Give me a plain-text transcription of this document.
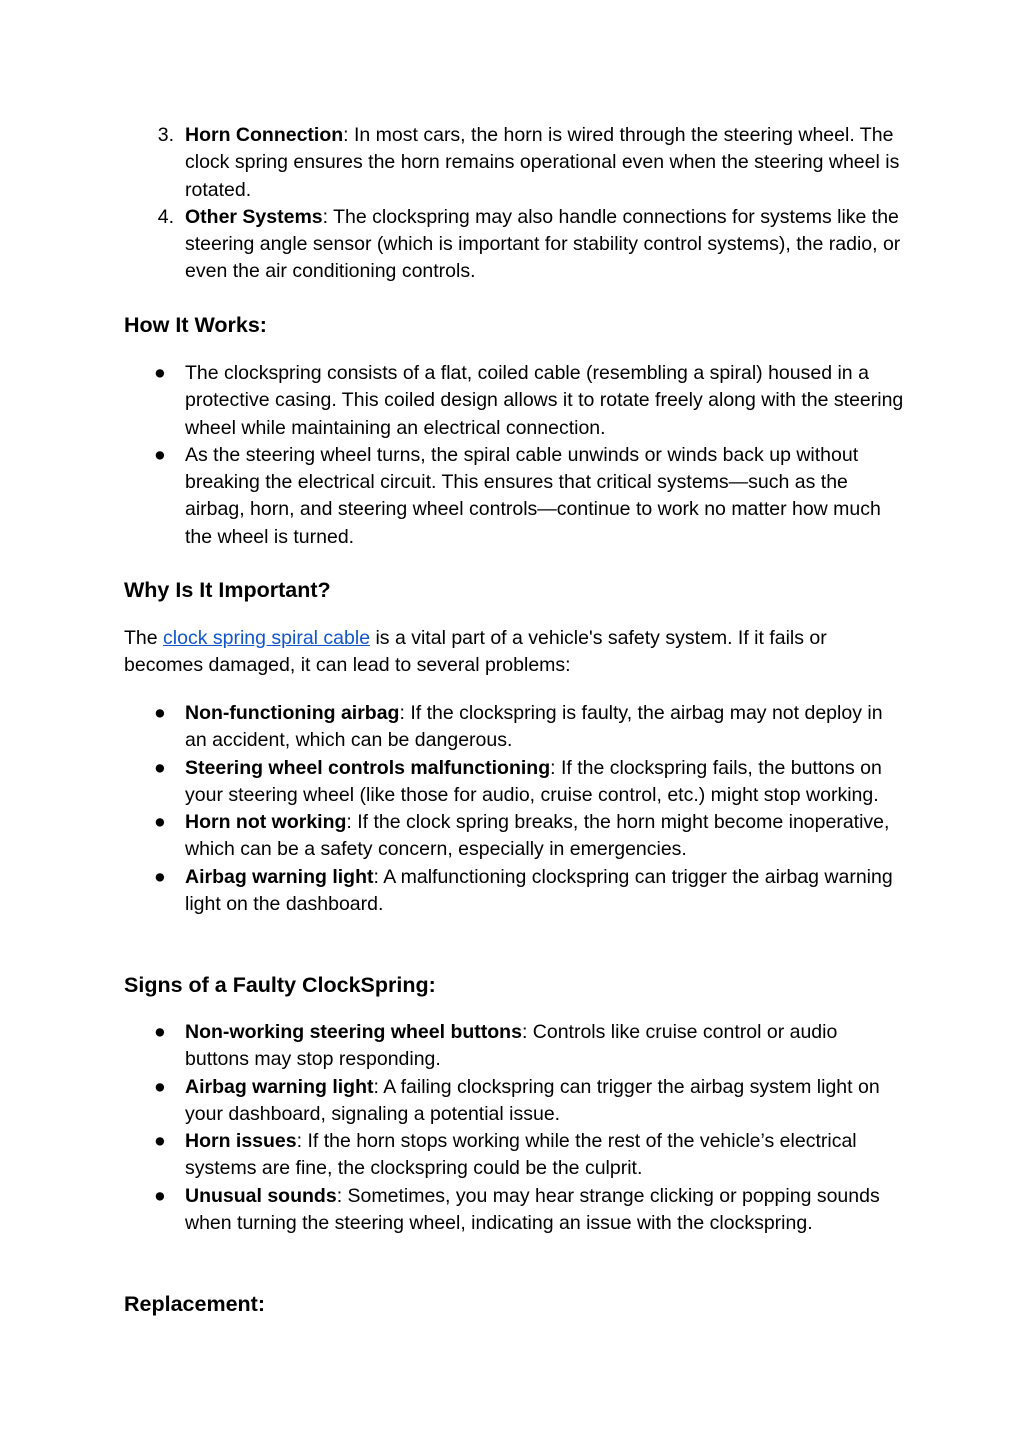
3. Horn Connection: In most cars, the horn is wired through the steering wheel. The clock spring ensures the horn remains operational even when the steering wheel is rotated.
4. Other Systems: The clockspring may also handle connections for systems like the steering angle sensor (which is important for stability control systems), the radio, or even the air conditioning controls.
How It Works:
● The clockspring consists of a flat, coiled cable (resembling a spiral) housed in a protective casing. This coiled design allows it to rotate freely along with the steering wheel while maintaining an electrical connection.
● As the steering wheel turns, the spiral cable unwinds or winds back up without breaking the electrical circuit. This ensures that critical systems—such as the airbag, horn, and steering wheel controls—continue to work no matter how much the wheel is turned.
Why Is It Important?

The clock spring spiral cable is a vital part of a vehicle's safety system. If it fails or becomes damaged, it can lead to several problems:

● Non-functioning airbag: If the clockspring is faulty, the airbag may not deploy in an accident, which can be dangerous.
● Steering wheel controls malfunctioning: If the clockspring fails, the buttons on your steering wheel (like those for audio, cruise control, etc.) might stop working.
● Horn not working: If the clock spring breaks, the horn might become inoperative, which can be a safety concern, especially in emergencies.
● Airbag warning light: A malfunctioning clockspring can trigger the airbag warning light on the dashboard.
Signs of a Faulty ClockSpring:
● Non-working steering wheel buttons: Controls like cruise control or audio buttons may stop responding.
● Airbag warning light: A failing clockspring can trigger the airbag system light on your dashboard, signaling a potential issue.
● Horn issues: If the horn stops working while the rest of the vehicle’s electrical systems are fine, the clockspring could be the culprit.
● Unusual sounds: Sometimes, you may hear strange clicking or popping sounds when turning the steering wheel, indicating an issue with the clockspring.
Replacement:
